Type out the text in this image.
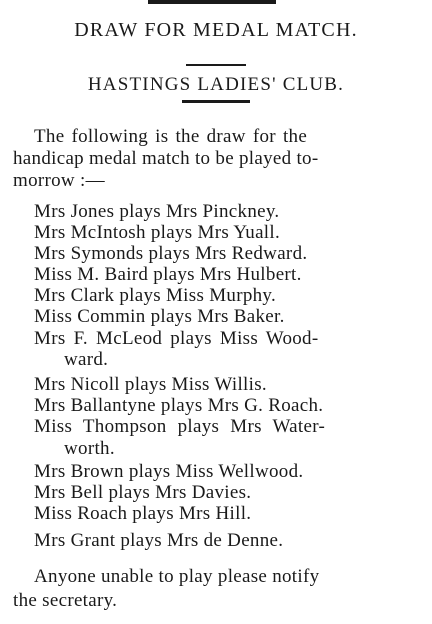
DRAW FOR MEDAL MATCH.
HASTINGS LADIES' CLUB.
The following is the draw for the
handicap medal match to be played to-
morrow :—
Mrs Jones plays Mrs Pinckney.
Mrs McIntosh plays Mrs Yuall.
Mrs Symonds plays Mrs Redward.
Miss M. Baird plays Mrs Hulbert.
Mrs Clark plays Miss Murphy.
Miss Commin plays Mrs Baker.
Mrs F. McLeod plays Miss Wood-
ward.
Mrs Nicoll plays Miss Willis.
Mrs Ballantyne plays Mrs G. Roach.
Miss Thompson plays Mrs Water-
worth.
Mrs Brown plays Miss Wellwood.
Mrs Bell plays Mrs Davies.
Miss Roach plays Mrs Hill.
Mrs Grant plays Mrs de Denne.
Anyone unable to play please notify
the secretary.
